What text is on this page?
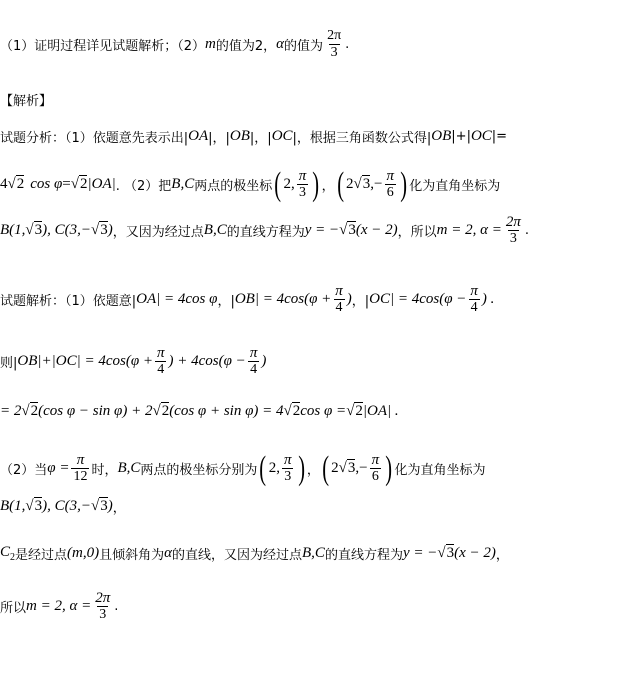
（1）证明过程详见试题解析；（2） m 的值为2， α 的值为 $\frac{2\pi}{3}$ .
【解析】
试题分析：（1）依题意先表示出| OA |，| OB |，| OC |，根据三角函数公式得| OB |+| OC |=
4 √2 cos φ = √2 |OA| . （2）把 B,C 两点的极坐标 ( 2, $\frac{\pi}{3}$ ) ， ( 2 √3 ,− $\frac{\pi}{6}$ ) 化为直角坐标为
B(1, √3 ), C(3,− √3 ) ，又因为经过点 B,C 的直线方程为 y = − √3 (x − 2) ，所以 m = 2, $\alpha = \frac{2\pi}{3}$ .
试题解析：（1）依题意| OA | = 4cos φ ，| OB | = $4\cos(\varphi + \frac{\pi}{4}$ ) ，| OC | = $4\cos(\varphi - \frac{\pi}{4}$ ) .
则| OB |+| OC | = $4\cos(\varphi + \frac{\pi}{4}$ ) + $4\cos(\varphi - \frac{\pi}{4}$ )
= 2 √2 (cos φ − sin φ) + 2 √2 (cos φ + sin φ) = 4 √2 cos φ = √2 |OA| .
（2）当 $\varphi = \frac{\pi}{12}$ 时， B,C 两点的极坐标分别为 ( 2, $\frac{\pi}{3}$ ) ， ( 2 √3 ,− $\frac{\pi}{6}$ ) 化为直角坐标为
B(1, √3 ), C(3,− √3 ) ，
$C_2$ 是经过点 (m,0) 且倾斜角为 α 的直线，又因为经过点 B,C 的直线方程为 y = − √3 (x − 2) ，
所以 m = 2, $\alpha = \frac{2\pi}{3}$ .
